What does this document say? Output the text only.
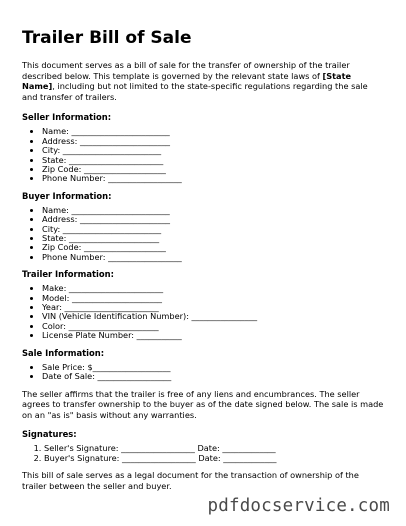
Trailer Bill of Sale

This document serves as a bill of sale for the transfer of ownership of the trailer described below. This template is governed by the relevant state laws of [State Name], including but not limited to the state-specific regulations regarding the sale and transfer of trailers.

Seller Information:
• Name: ________________________
• Address: ______________________
• City: ________________________
• State: _______________________
• Zip Code: ____________________
• Phone Number: __________________
Buyer Information:
• Name: ________________________
• Address: ______________________
• City: ________________________
• State: ______________________
• Zip Code: ____________________
• Phone Number: __________________
Trailer Information:
• Make: _______________________
• Model: ______________________
• Year: _______________________
• VIN (Vehicle Identification Number): ________________
• Color: ______________________
• License Plate Number: ___________
Sale Information:
• Sale Price: $___________________
• Date of Sale: __________________

The seller affirms that the trailer is free of any liens and encumbrances. The seller agrees to transfer ownership to the buyer as of the date signed below. The sale is made on an "as is" basis without any warranties.

Signatures:
1. Seller's Signature: __________________ Date: _____________
2. Buyer's Signature: __________________ Date: _____________

This bill of sale serves as a legal document for the transaction of ownership of the trailer between the seller and buyer.

pdfdocservice.com
